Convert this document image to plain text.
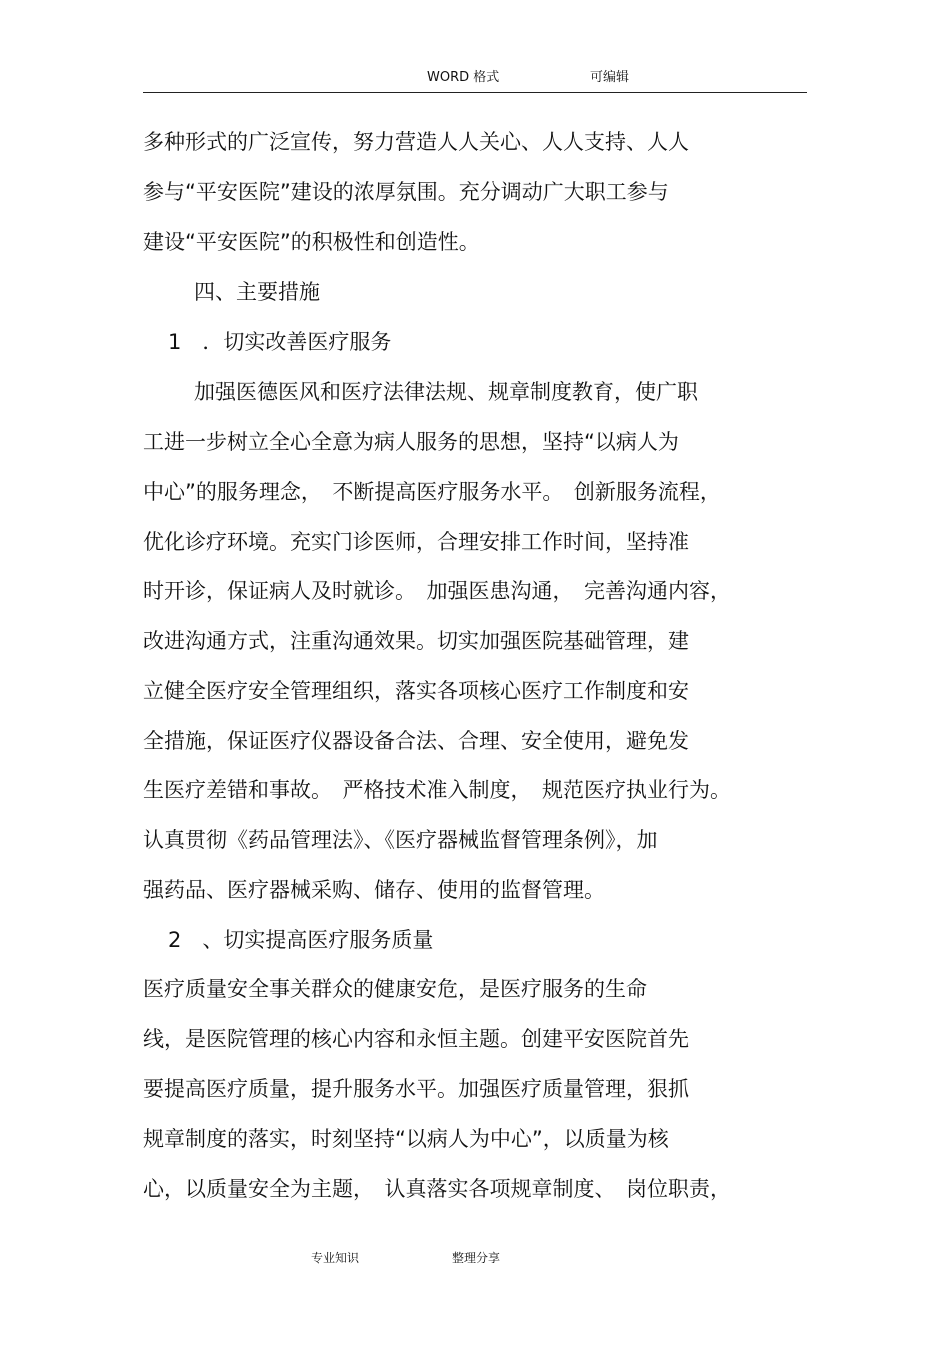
WORD 格式	可编辑
多种形式的广泛宣传，努力营造人人关心、人人支持、人人
参与“平安医院”建设的浓厚氛围。充分调动广大职工参与
建设“平安医院”的积极性和创造性。
四、主要措施
1　．切实改善医疗服务
加强医德医风和医疗法律法规、规章制度教育，使广职
工进一步树立全心全意为病人服务的思想，坚持“以病人为
中心”的服务理念，　不断提高医疗服务水平。　创新服务流程，
优化诊疗环境。充实门诊医师，合理安排工作时间，坚持准
时开诊，保证病人及时就诊。　加强医患沟通，　完善沟通内容，
改进沟通方式，注重沟通效果。切实加强医院基础管理，建
立健全医疗安全管理组织，落实各项核心医疗工作制度和安
全措施，保证医疗仪器设备合法、合理、安全使用，避免发
生医疗差错和事故。　严格技术准入制度，　规范医疗执业行为。
认真贯彻《药品管理法》、《医疗器械监督管理条例》，加
强药品、医疗器械采购、储存、使用的监督管理。
2　、切实提高医疗服务质量
医疗质量安全事关群众的健康安危，是医疗服务的生命
线，是医院管理的核心内容和永恒主题。创建平安医院首先
要提高医疗质量，提升服务水平。加强医疗质量管理，狠抓
规章制度的落实，时刻坚持“以病人为中心”，以质量为核
心，以质量安全为主题，　认真落实各项规章制度、　岗位职责，
专业知识	整理分享
